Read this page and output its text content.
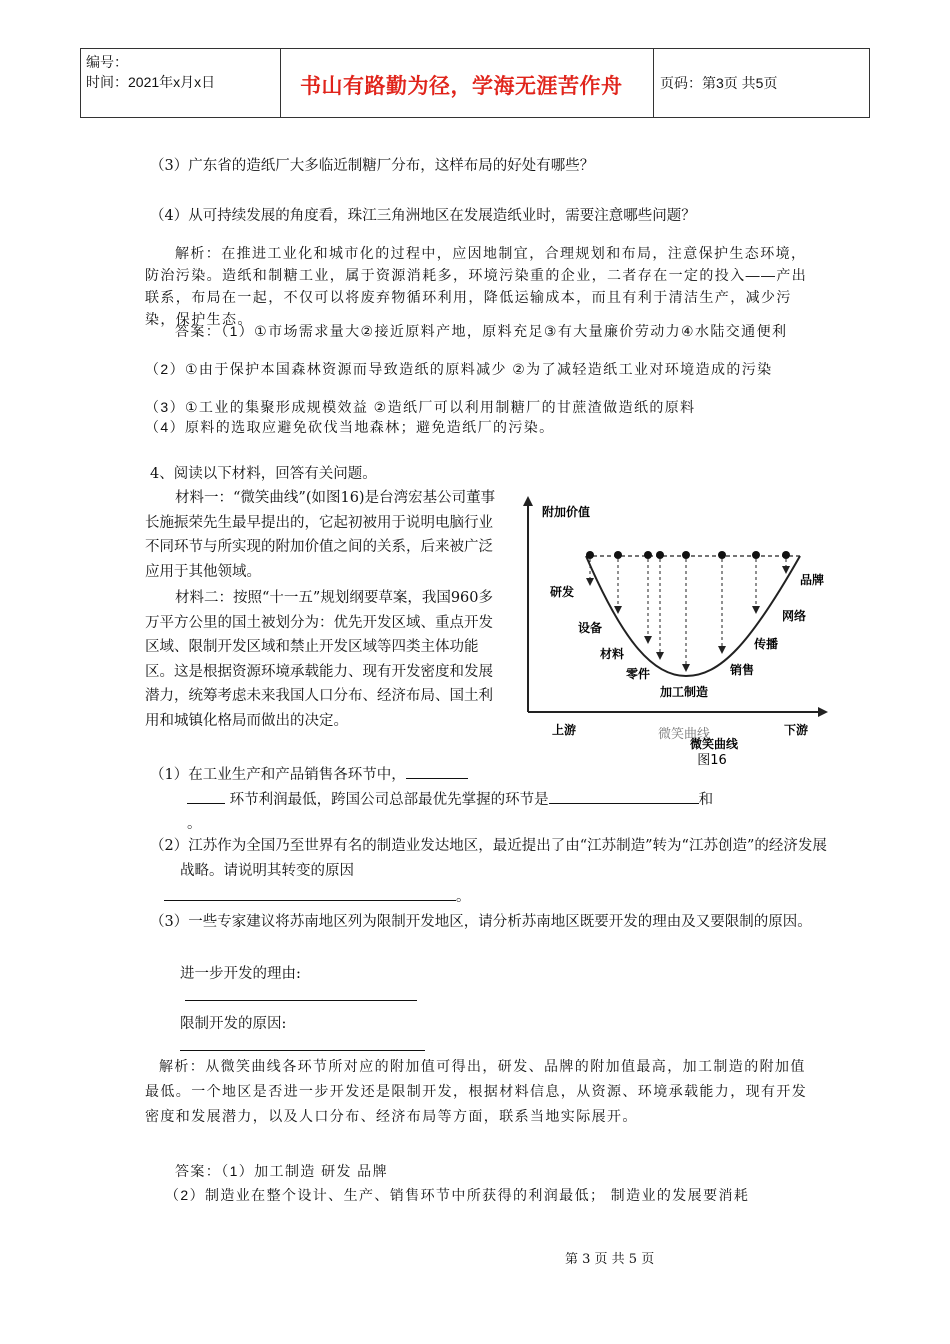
编号：
时间：2021年x月x日	书山有路勤为径，学海无涯苦作舟	页码：第3页 共5页
（3）广东省的造纸厂大多临近制糖厂分布，这样布局的好处有哪些？
（4）从可持续发展的角度看，珠江三角洲地区在发展造纸业时，需要注意哪些问题？
解析：在推进工业化和城市化的过程中，应因地制宜，合理规划和布局，注意保护生态环境，防治污染。造纸和制糖工业，属于资源消耗多，环境污染重的企业，二者存在一定的投入——产出联系，布局在一起，不仅可以将废弃物循环利用，降低运输成本，而且有利于清洁生产，减少污染，保护生态。
答案：（1）①市场需求量大②接近原料产地，原料充足③有大量廉价劳动力④水陆交通便利
（2）①由于保护本国森林资源而导致造纸的原料减少 ②为了减轻造纸工业对环境造成的污染
（3）①工业的集聚形成规模效益 ②造纸厂可以利用制糖厂的甘蔗渣做造纸的原料
（4）原料的选取应避免砍伐当地森林；避免造纸厂的污染。
4、阅读以下材料，回答有关问题。
材料一：“微笑曲线”(如图16)是台湾宏基公司董事长施振荣先生最早提出的，它起初被用于说明电脑行业不同环节与所实现的附加价值之间的关系，后来被广泛应用于其他领域。
材料二：按照“十一五”规划纲要草案，我国960多万平方公里的国土被划分为：优先开发区域、重点开发区域、限制开发区域和禁止开发区域等四类主体功能区。这是根据资源环境承载能力、现有开发密度和发展潜力，统筹考虑未来我国人口分布、经济布局、国土利用和城镇化格局而做出的决定。
附加价值
上游	下游
研发
设备
材料
零件
加工制造
销售
传播
网络
品牌
微笑曲线
微笑曲线
图16
（1）在工业生产和产品销售各环节中，
环节利润最低，跨国公司总部最优先掌握的环节是	和
。
（2）江苏作为全国乃至世界有名的制造业发达地区，最近提出了由“江苏制造”转为“江苏创造”的经济发展战略。请说明其转变的原因
。
（3）一些专家建议将苏南地区列为限制开发地区，请分析苏南地区既要开发的理由及又要限制的原因。
进一步开发的理由:
限制开发的原因:
解析：从微笑曲线各环节所对应的附加值可得出，研发、品牌的附加值最高，加工制造的附加值最低。一个地区是否进一步开发还是限制开发，根据材料信息，从资源、环境承载能力，现有开发密度和发展潜力，以及人口分布、经济布局等方面，联系当地实际展开。
答案：（1）加工制造 研发 品牌
（2）制造业在整个设计、生产、销售环节中所获得的利润最低； 制造业的发展要消耗
第 3 页 共 5 页
